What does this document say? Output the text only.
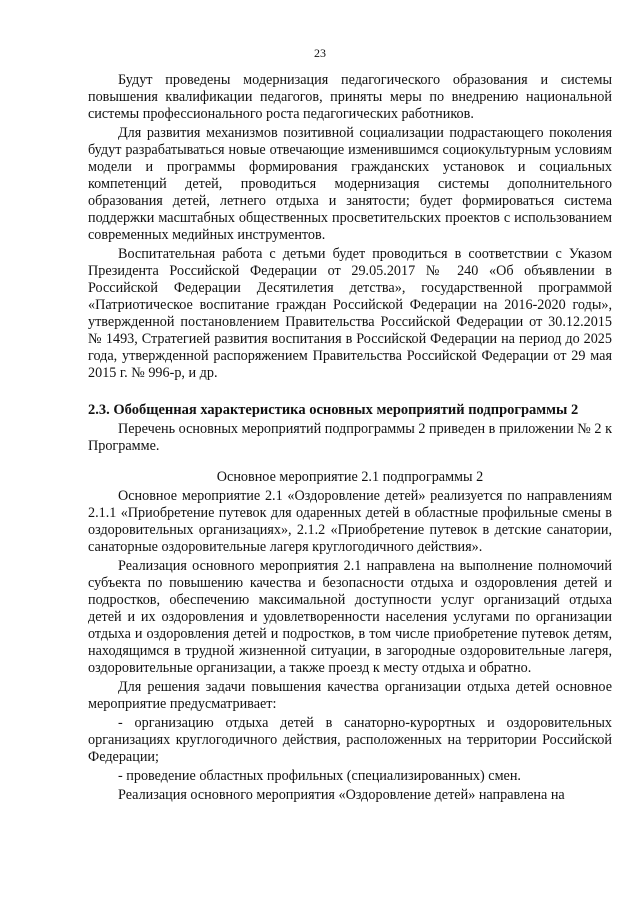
23

Будут проведены модернизация педагогического образования и системы повышения квалификации педагогов, приняты меры по внедрению национальной системы профессионального роста педагогических работников.

Для развития механизмов позитивной социализации подрастающего поколения будут разрабатываться новые отвечающие изменившимся социокультурным условиям модели и программы формирования гражданских установок и социальных компетенций детей, проводиться модернизация системы дополнительного образования детей, летнего отдыха и занятости; будет формироваться система поддержки масштабных общественных просветительских проектов с использованием современных медийных инструментов.

Воспитательная работа с детьми будет проводиться в соответствии с Указом Президента Российской Федерации от 29.05.2017 № 240 «Об объявлении в Российской Федерации Десятилетия детства», государственной программой «Патриотическое воспитание граждан Российской Федерации на 2016-2020 годы», утвержденной постановлением Правительства Российской Федерации от 30.12.2015 № 1493, Стратегией развития воспитания в Российской Федерации на период до 2025 года, утвержденной распоряжением Правительства Российской Федерации от 29 мая 2015 г. № 996-р, и др.

2.3. Обобщенная характеристика основных мероприятий подпрограммы 2

Перечень основных мероприятий подпрограммы 2 приведен в приложении № 2 к Программе.

Основное мероприятие 2.1 подпрограммы 2

Основное мероприятие 2.1 «Оздоровление детей» реализуется по направлениям 2.1.1 «Приобретение путевок для одаренных детей в областные профильные смены в оздоровительных организациях», 2.1.2 «Приобретение путевок в детские санатории, санаторные оздоровительные лагеря круглогодичного действия».

Реализация основного мероприятия 2.1 направлена на выполнение полномочий субъекта по повышению качества и безопасности отдыха и оздоровления детей и подростков, обеспечению максимальной доступности услуг организаций отдыха детей и их оздоровления и удовлетворенности населения услугами по организации отдыха и оздоровления детей и подростков, в том числе приобретение путевок детям, находящимся в трудной жизненной ситуации, в загородные оздоровительные лагеря, оздоровительные организации, а также проезд к месту отдыха и обратно.

Для решения задачи повышения качества организации отдыха детей основное мероприятие предусматривает:

- организацию отдыха детей в санаторно-курортных и оздоровительных организациях круглогодичного действия, расположенных на территории Российской Федерации;

- проведение областных профильных (специализированных) смен.

Реализация основного мероприятия «Оздоровление детей» направлена на
